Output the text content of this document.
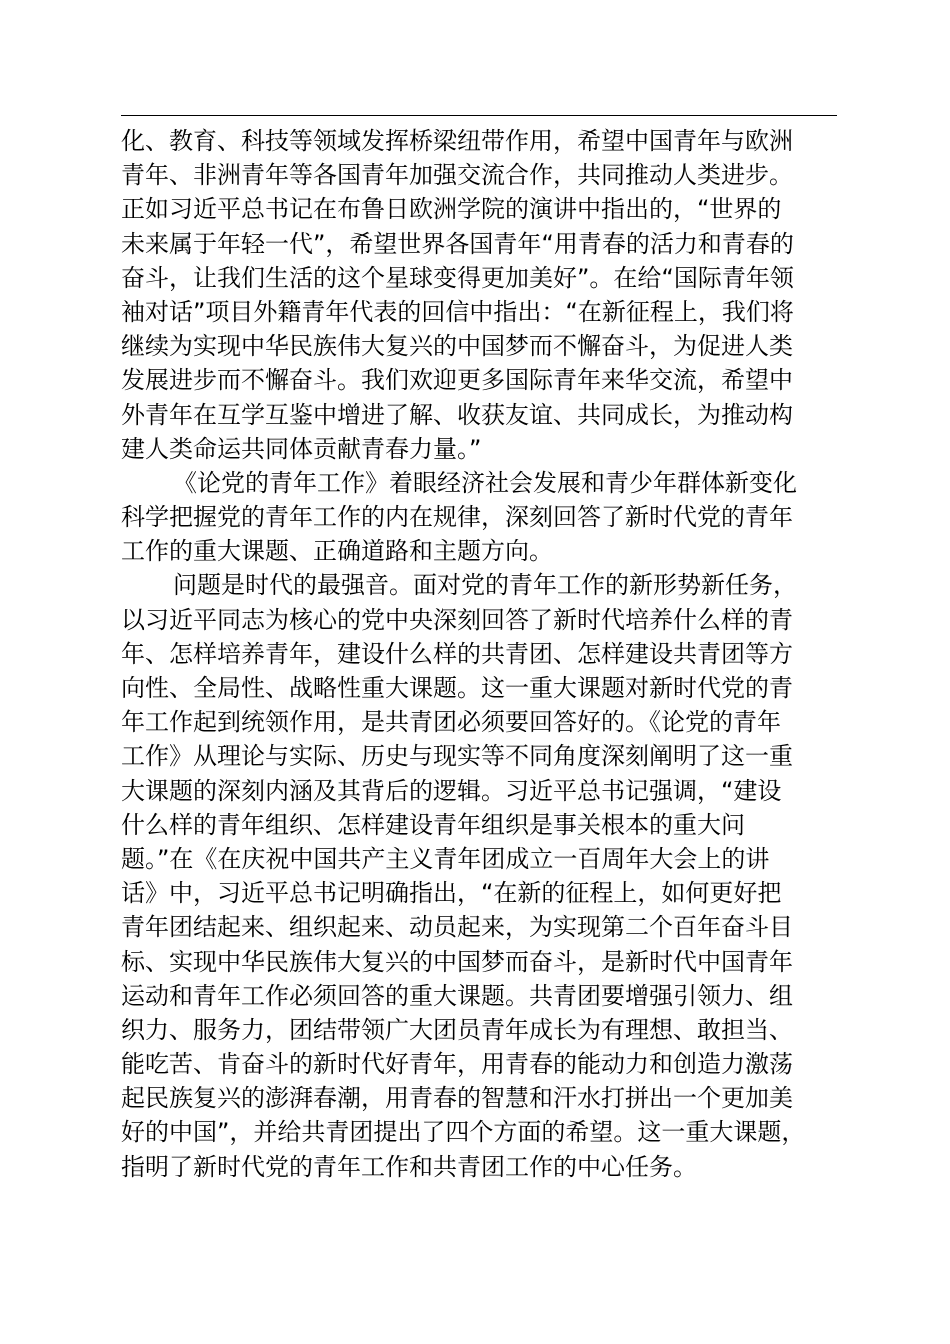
化、教育、科技等领域发挥桥梁纽带作用，希望中国青年与欧洲
青年、非洲青年等各国青年加强交流合作，共同推动人类进步。
正如习近平总书记在布鲁日欧洲学院的演讲中指出的，“世界的
未来属于年轻一代”，希望世界各国青年“用青春的活力和青春的
奋斗，让我们生活的这个星球变得更加美好”。在给“国际青年领
袖对话”项目外籍青年代表的回信中指出：“在新征程上，我们将
继续为实现中华民族伟大复兴的中国梦而不懈奋斗，为促进人类
发展进步而不懈奋斗。我们欢迎更多国际青年来华交流，希望中
外青年在互学互鉴中增进了解、收获友谊、共同成长，为推动构
建人类命运共同体贡献青春力量。”
《论党的青年工作》着眼经济社会发展和青少年群体新变化
科学把握党的青年工作的内在规律，深刻回答了新时代党的青年
工作的重大课题、正确道路和主题方向。
问题是时代的最强音。面对党的青年工作的新形势新任务，
以习近平同志为核心的党中央深刻回答了新时代培养什么样的青
年、怎样培养青年，建设什么样的共青团、怎样建设共青团等方
向性、全局性、战略性重大课题。这一重大课题对新时代党的青
年工作起到统领作用，是共青团必须要回答好的。《论党的青年
工作》从理论与实际、历史与现实等不同角度深刻阐明了这一重
大课题的深刻内涵及其背后的逻辑。习近平总书记强调，“建设
什么样的青年组织、怎样建设青年组织是事关根本的重大问
题。”在《在庆祝中国共产主义青年团成立一百周年大会上的讲
话》中，习近平总书记明确指出，“在新的征程上，如何更好把
青年团结起来、组织起来、动员起来，为实现第二个百年奋斗目
标、实现中华民族伟大复兴的中国梦而奋斗，是新时代中国青年
运动和青年工作必须回答的重大课题。共青团要增强引领力、组
织力、服务力，团结带领广大团员青年成长为有理想、敢担当、
能吃苦、肯奋斗的新时代好青年，用青春的能动力和创造力激荡
起民族复兴的澎湃春潮，用青春的智慧和汗水打拼出一个更加美
好的中国”，并给共青团提出了四个方面的希望。这一重大课题，
指明了新时代党的青年工作和共青团工作的中心任务。
